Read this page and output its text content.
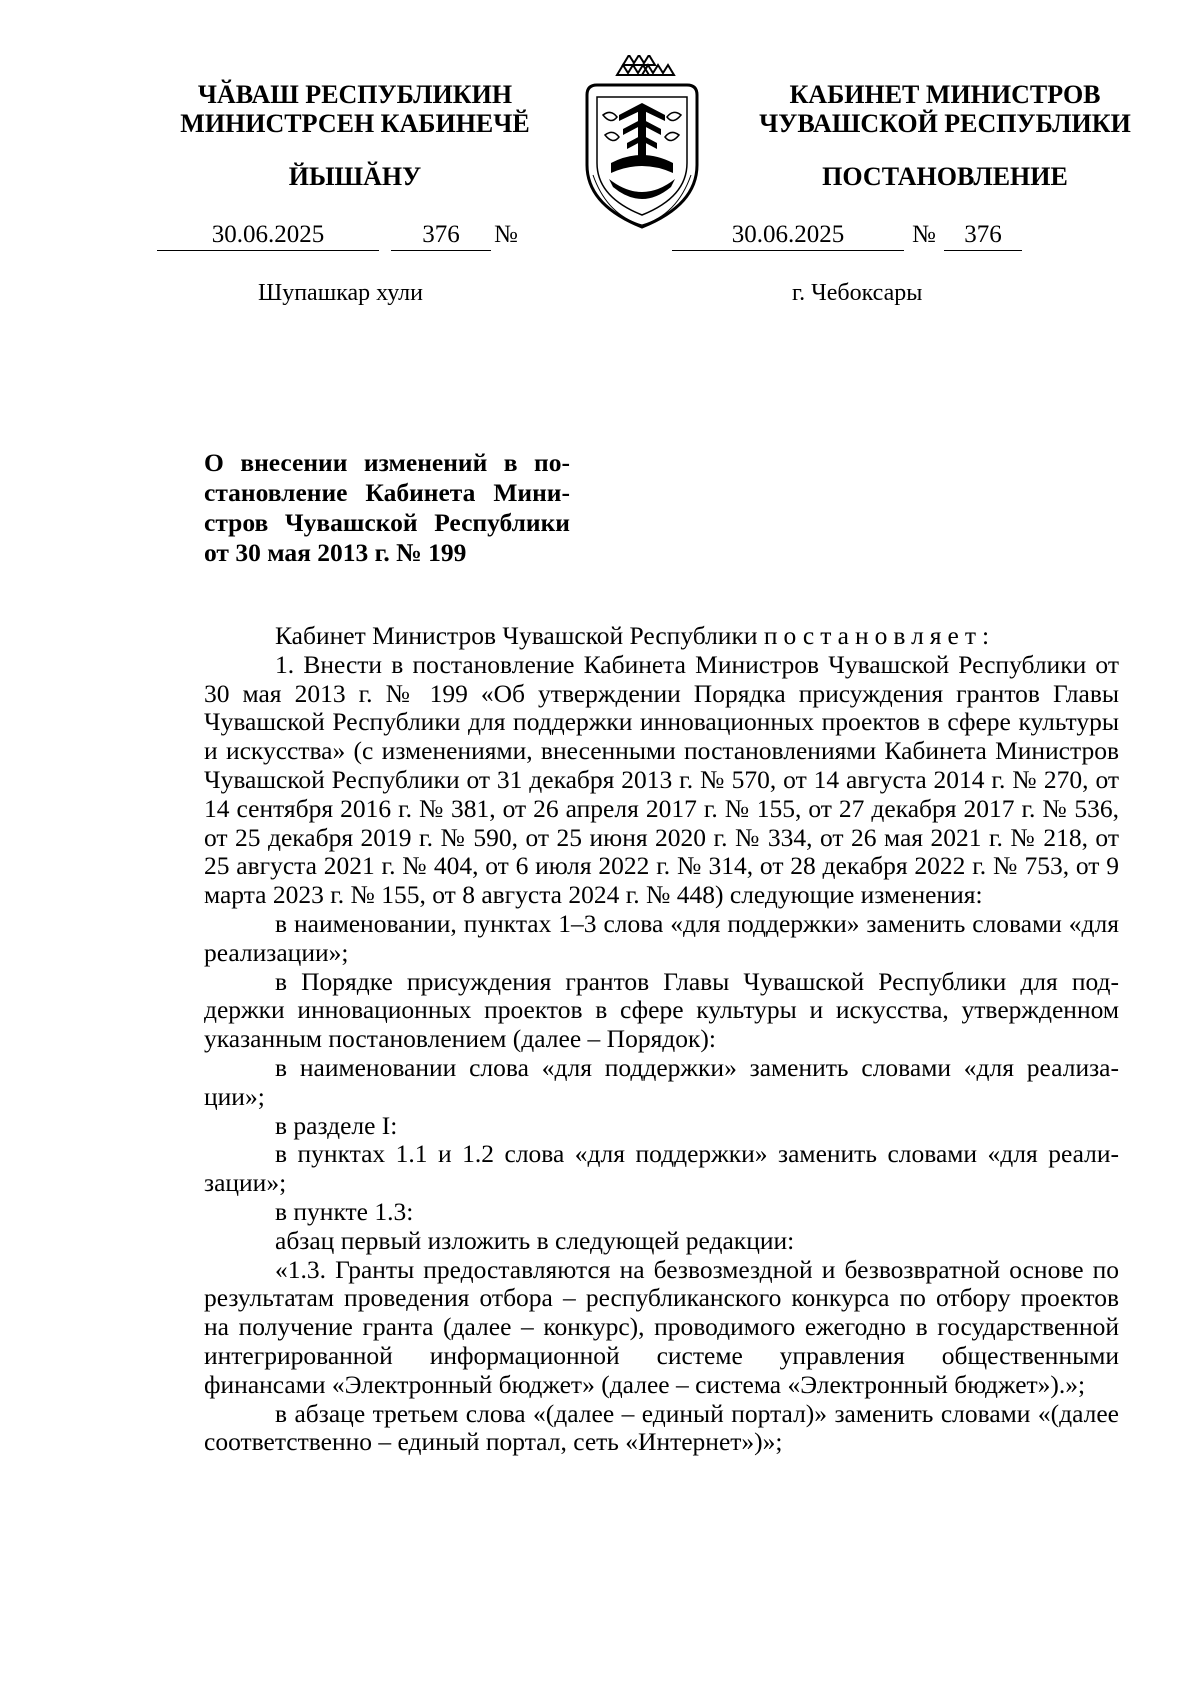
ЧӐВАШ РЕСПУБЛИКИН
МИНИСТРСЕН КАБИНЕЧӖ
ЙЫШӐНУ
КАБИНЕТ МИНИСТРОВ
ЧУВАШСКОЙ РЕСПУБЛИКИ
ПОСТАНОВЛЕНИЕ
30.06.2025	376	№	30.06.2025	№	376
Шупашкар хули	г. Чебоксары
О внесении изменений в постановление Кабинета Министров Чувашской Республики от 30 мая 2013 г. № 199

Кабинет Министров Чувашской Республики постановляет:

1. Внести в постановление Кабинета Министров Чувашской Республики от 30 мая 2013 г. № 199 «Об утверждении Порядка присуждения грантов Главы Чувашской Республики для поддержки инновационных проектов в сфере культуры и искусства» (с изменениями, внесенными постановлениями Кабинета Министров Чувашской Республики от 31 декабря 2013 г. № 570, от 14 августа 2014 г. № 270, от 14 сентября 2016 г. № 381, от 26 апреля 2017 г. № 155, от 27 декабря 2017 г. № 536, от 25 декабря 2019 г. № 590, от 25 июня 2020 г. № 334, от 26 мая 2021 г. № 218, от 25 августа 2021 г. № 404, от 6 июля 2022 г. № 314, от 28 декабря 2022 г. № 753, от 9 марта 2023 г. № 155, от 8 августа 2024 г. № 448) следующие изменения:

в наименовании, пунктах 1–3 слова «для поддержки» заменить словами «для реализации»;

в Порядке присуждения грантов Главы Чувашской Республики для поддержки инновационных проектов в сфере культуры и искусства, утвержденном указанным постановлением (далее – Порядок):

в наименовании слова «для поддержки» заменить словами «для реализации»;

в разделе I:

в пунктах 1.1 и 1.2 слова «для поддержки» заменить словами «для реализации»;

в пункте 1.3:

абзац первый изложить в следующей редакции:

«1.3. Гранты предоставляются на безвозмездной и безвозвратной основе по результатам проведения отбора – республиканского конкурса по отбору проектов на получение гранта (далее – конкурс), проводимого ежегодно в государственной интегрированной информационной системе управления общественными финансами «Электронный бюджет» (далее – система «Электронный бюджет»).»;

в абзаце третьем слова «(далее – единый портал)» заменить словами «(далее соответственно – единый портал, сеть «Интернет»)»;
